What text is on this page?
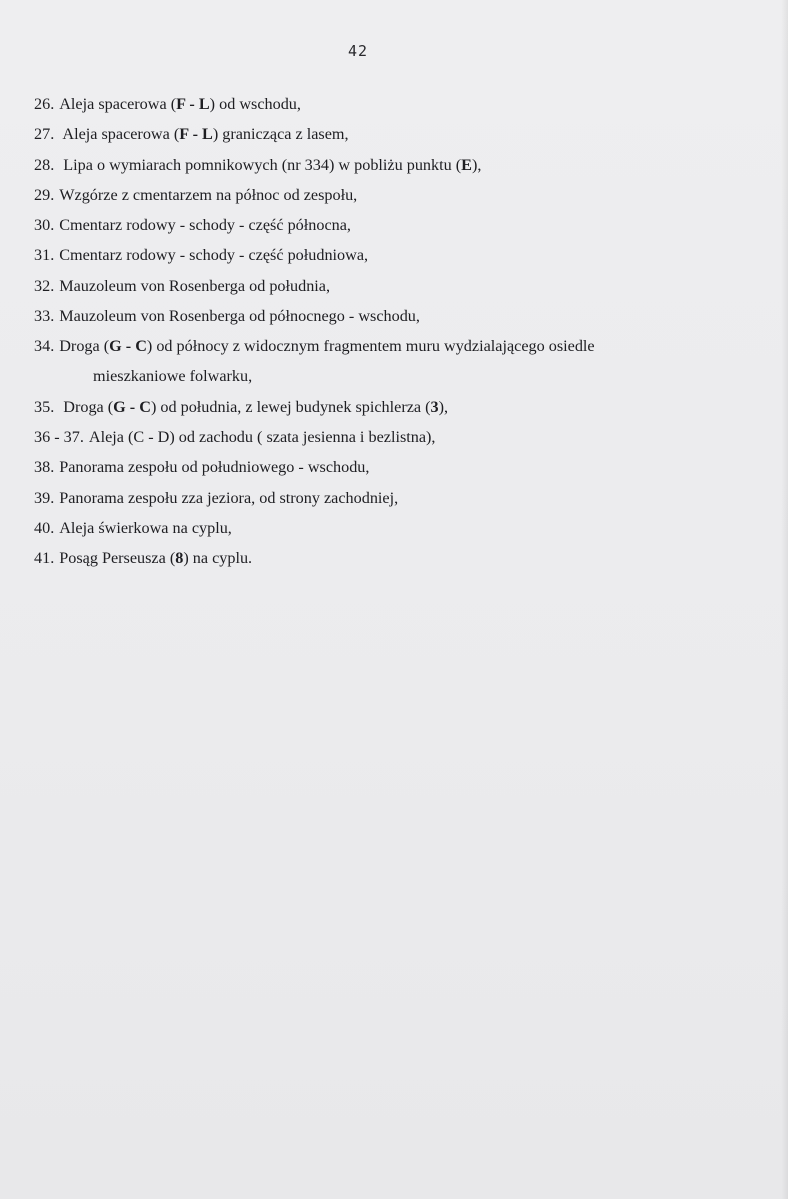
42
26. Aleja spacerowa (F - L) od wschodu,
27. Aleja spacerowa (F - L) granicząca z lasem,
28. Lipa o wymiarach pomnikowych (nr 334) w pobliżu punktu (E),
29. Wzgórze z cmentarzem na północ od zespołu,
30. Cmentarz rodowy - schody - część północna,
31. Cmentarz rodowy - schody - część południowa,
32. Mauzoleum von Rosenberga od południa,
33. Mauzoleum von Rosenberga od północnego - wschodu,
34. Droga (G - C) od północy z widocznym fragmentem muru wydzialającego osiedle
mieszkaniowe folwarku,
35. Droga (G - C) od południa, z lewej budynek spichlerza (3),
36 - 37. Aleja (C - D) od zachodu ( szata jesienna i bezlistna),
38. Panorama zespołu od południowego - wschodu,
39. Panorama zespołu zza jeziora, od strony zachodniej,
40. Aleja świerkowa na cyplu,
41. Posąg Perseusza (8) na cyplu.
